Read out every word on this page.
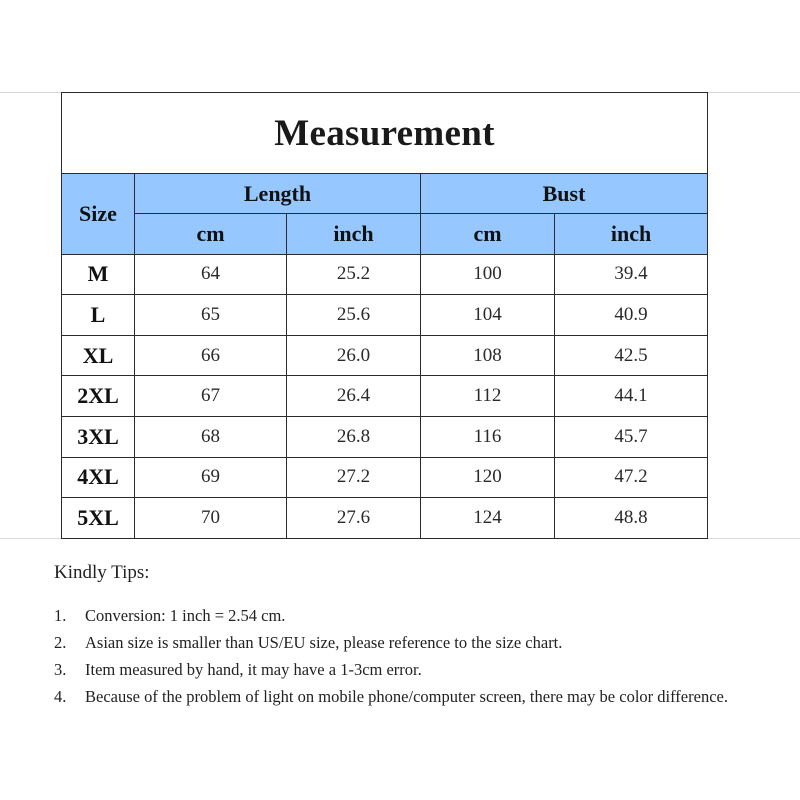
Measurement				
Size	Length		Bust	
	cm	inch	cm	inch
M	64	25.2	100	39.4
L	65	25.6	104	40.9
XL	66	26.0	108	42.5
2XL	67	26.4	112	44.1
3XL	68	26.8	116	45.7
4XL	69	27.2	120	47.2
5XL	70	27.6	124	48.8
Kindly Tips:
1.	Conversion: 1 inch = 2.54 cm.
2.	Asian size is smaller than US/EU size, please reference to the size chart.
3.	Item measured by hand, it may have a 1-3cm error.
4.	Because of the problem of light on mobile phone/computer screen, there may be color difference.
